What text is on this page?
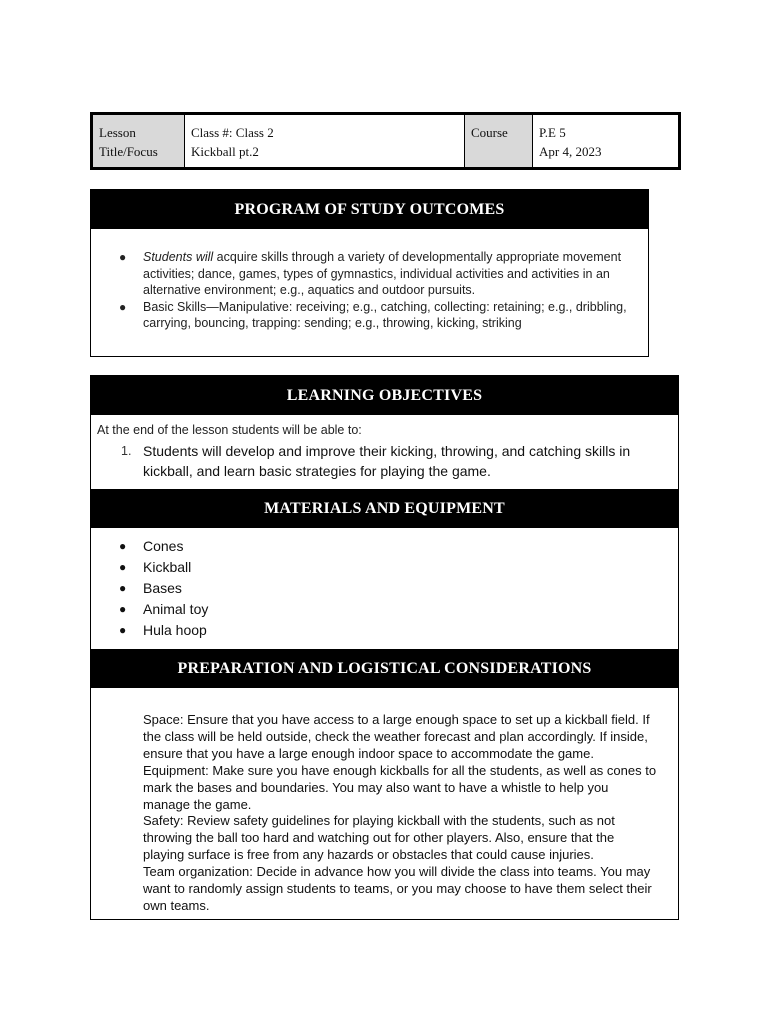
Lesson Title/Focus
Class #: Class 2
Kickball pt.2
Course	P.E 5
Apr 4, 2023
PROGRAM OF STUDY OUTCOMES
● Students will acquire skills through a variety of developmentally appropriate movement activities; dance, games, types of gymnastics, individual activities and activities in an alternative environment; e.g., aquatics and outdoor pursuits.
● Basic Skills—Manipulative: receiving; e.g., catching, collecting: retaining; e.g., dribbling, carrying, bouncing, trapping: sending; e.g., throwing, kicking, striking
LEARNING OBJECTIVES
At the end of the lesson students will be able to:
1. Students will develop and improve their kicking, throwing, and catching skills in kickball, and learn basic strategies for playing the game.
MATERIALS AND EQUIPMENT
● Cones
● Kickball
● Bases
● Animal toy
● Hula hoop
PREPARATION AND LOGISTICAL CONSIDERATIONS

Space: Ensure that you have access to a large enough space to set up a kickball field. If the class will be held outside, check the weather forecast and plan accordingly. If inside, ensure that you have a large enough indoor space to accommodate the game.

Equipment: Make sure you have enough kickballs for all the students, as well as cones to mark the bases and boundaries. You may also want to have a whistle to help you manage the game.

Safety: Review safety guidelines for playing kickball with the students, such as not throwing the ball too hard and watching out for other players. Also, ensure that the playing surface is free from any hazards or obstacles that could cause injuries.

Team organization: Decide in advance how you will divide the class into teams. You may want to randomly assign students to teams, or you may choose to have them select their own teams.
